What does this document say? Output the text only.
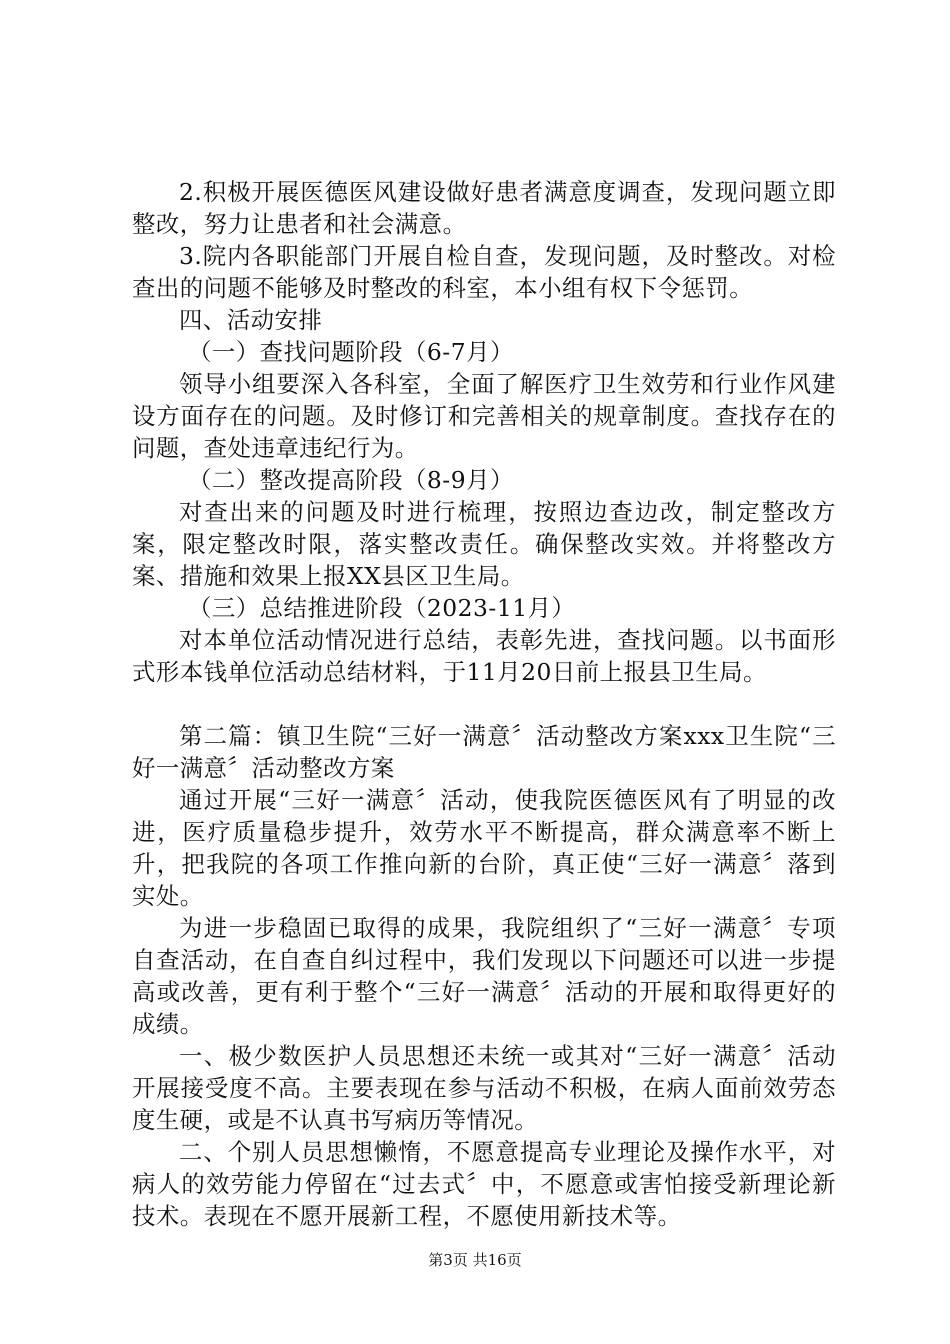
2.积极开展医德医风建设做好患者满意度调查，发现问题立即整改，努力让患者和社会满意。

3.院内各职能部门开展自检自查，发现问题，及时整改。对检查出的问题不能够及时整改的科室，本小组有权下令惩罚。

四、活动安排

（一）查找问题阶段（6-7月）

领导小组要深入各科室，全面了解医疗卫生效劳和行业作风建设方面存在的问题。及时修订和完善相关的规章制度。查找存在的问题，查处违章违纪行为。

（二）整改提高阶段（8-9月）

对查出来的问题及时进行梳理，按照边查边改，制定整改方案，限定整改时限，落实整改责任。确保整改实效。并将整改方案、措施和效果上报XX县区卫生局。

（三）总结推进阶段（2023-11月）

对本单位活动情况进行总结，表彰先进，查找问题。以书面形式形本钱单位活动总结材料，于11月20日前上报县卫生局。

第二篇：镇卫生院“三好一满意〞活动整改方案xxx卫生院“三好一满意〞活动整改方案

通过开展“三好一满意〞活动，使我院医德医风有了明显的改进，医疗质量稳步提升，效劳水平不断提高，群众满意率不断上升，把我院的各项工作推向新的台阶，真正使“三好一满意〞落到实处。

为进一步稳固已取得的成果，我院组织了“三好一满意〞专项自查活动，在自查自纠过程中，我们发现以下问题还可以进一步提高或改善，更有利于整个“三好一满意〞活动的开展和取得更好的成绩。

一、极少数医护人员思想还未统一或其对“三好一满意〞活动开展接受度不高。主要表现在参与活动不积极，在病人面前效劳态度生硬，或是不认真书写病历等情况。

二、个别人员思想懒惰，不愿意提高专业理论及操作水平，对病人的效劳能力停留在“过去式〞中，不愿意或害怕接受新理论新技术。表现在不愿开展新工程，不愿使用新技术等。

第3页 共16页
